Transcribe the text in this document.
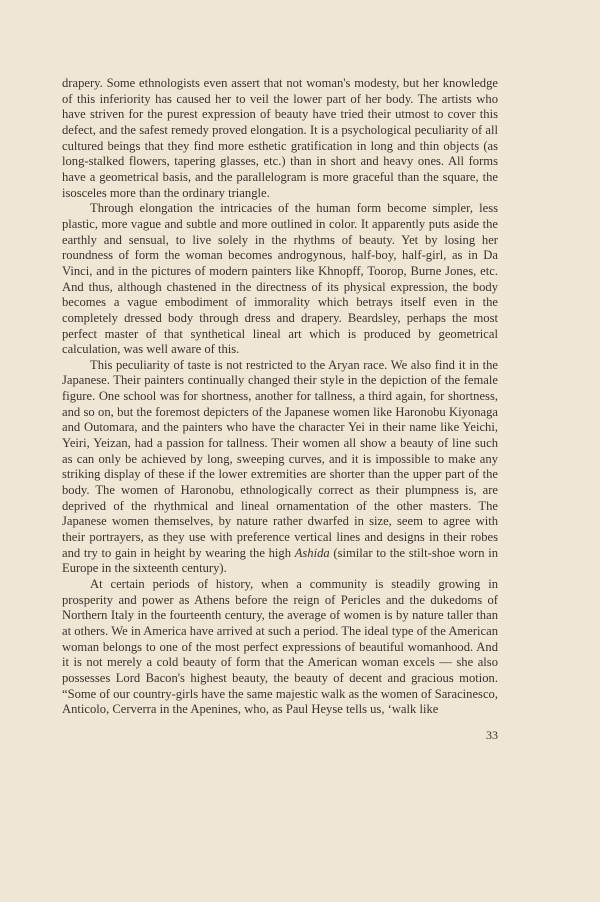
drapery. Some ethnologists even assert that not woman's modesty, but her knowledge of this inferiority has caused her to veil the lower part of her body. The artists who have striven for the purest expression of beauty have tried their utmost to cover this defect, and the safest remedy proved elongation. It is a psychological peculiarity of all cultured beings that they find more esthetic gratification in long and thin objects (as long-stalked flowers, tapering glasses, etc.) than in short and heavy ones. All forms have a geometrical basis, and the parallelogram is more graceful than the square, the isosceles more than the ordinary triangle.

Through elongation the intricacies of the human form become simpler, less plastic, more vague and subtle and more outlined in color. It apparently puts aside the earthly and sensual, to live solely in the rhythms of beauty. Yet by losing her roundness of form the woman becomes androgynous, half-boy, half-girl, as in Da Vinci, and in the pictures of modern painters like Khnopff, Toorop, Burne Jones, etc. And thus, although chastened in the directness of its physical expression, the body becomes a vague embodiment of immorality which betrays itself even in the completely dressed body through dress and drapery. Beardsley, perhaps the most perfect master of that synthetical lineal art which is produced by geometrical calculation, was well aware of this.

This peculiarity of taste is not restricted to the Aryan race. We also find it in the Japanese. Their painters continually changed their style in the depiction of the female figure. One school was for shortness, another for tallness, a third again, for shortness, and so on, but the foremost depicters of the Japanese women like Haronobu Kiyonaga and Outomara, and the painters who have the character Yei in their name like Yeichi, Yeiri, Yeizan, had a passion for tallness. Their women all show a beauty of line such as can only be achieved by long, sweeping curves, and it is impossible to make any striking display of these if the lower extremities are shorter than the upper part of the body. The women of Haronobu, ethnologically correct as their plumpness is, are deprived of the rhythmical and lineal ornamentation of the other masters. The Japanese women themselves, by nature rather dwarfed in size, seem to agree with their portrayers, as they use with preference vertical lines and designs in their robes and try to gain in height by wearing the high Ashida (similar to the stilt-shoe worn in Europe in the sixteenth century).

At certain periods of history, when a community is steadily growing in prosperity and power as Athens before the reign of Pericles and the dukedoms of Northern Italy in the fourteenth century, the average of women is by nature taller than at others. We in America have arrived at such a period. The ideal type of the American woman belongs to one of the most perfect expressions of beautiful womanhood. And it is not merely a cold beauty of form that the American woman excels — she also possesses Lord Bacon's highest beauty, the beauty of decent and gracious motion. “Some of our country-girls have the same majestic walk as the women of Saracinesco, Anticolo, Cerverra in the Apenines, who, as Paul Heyse tells us, ‘walk like

33
